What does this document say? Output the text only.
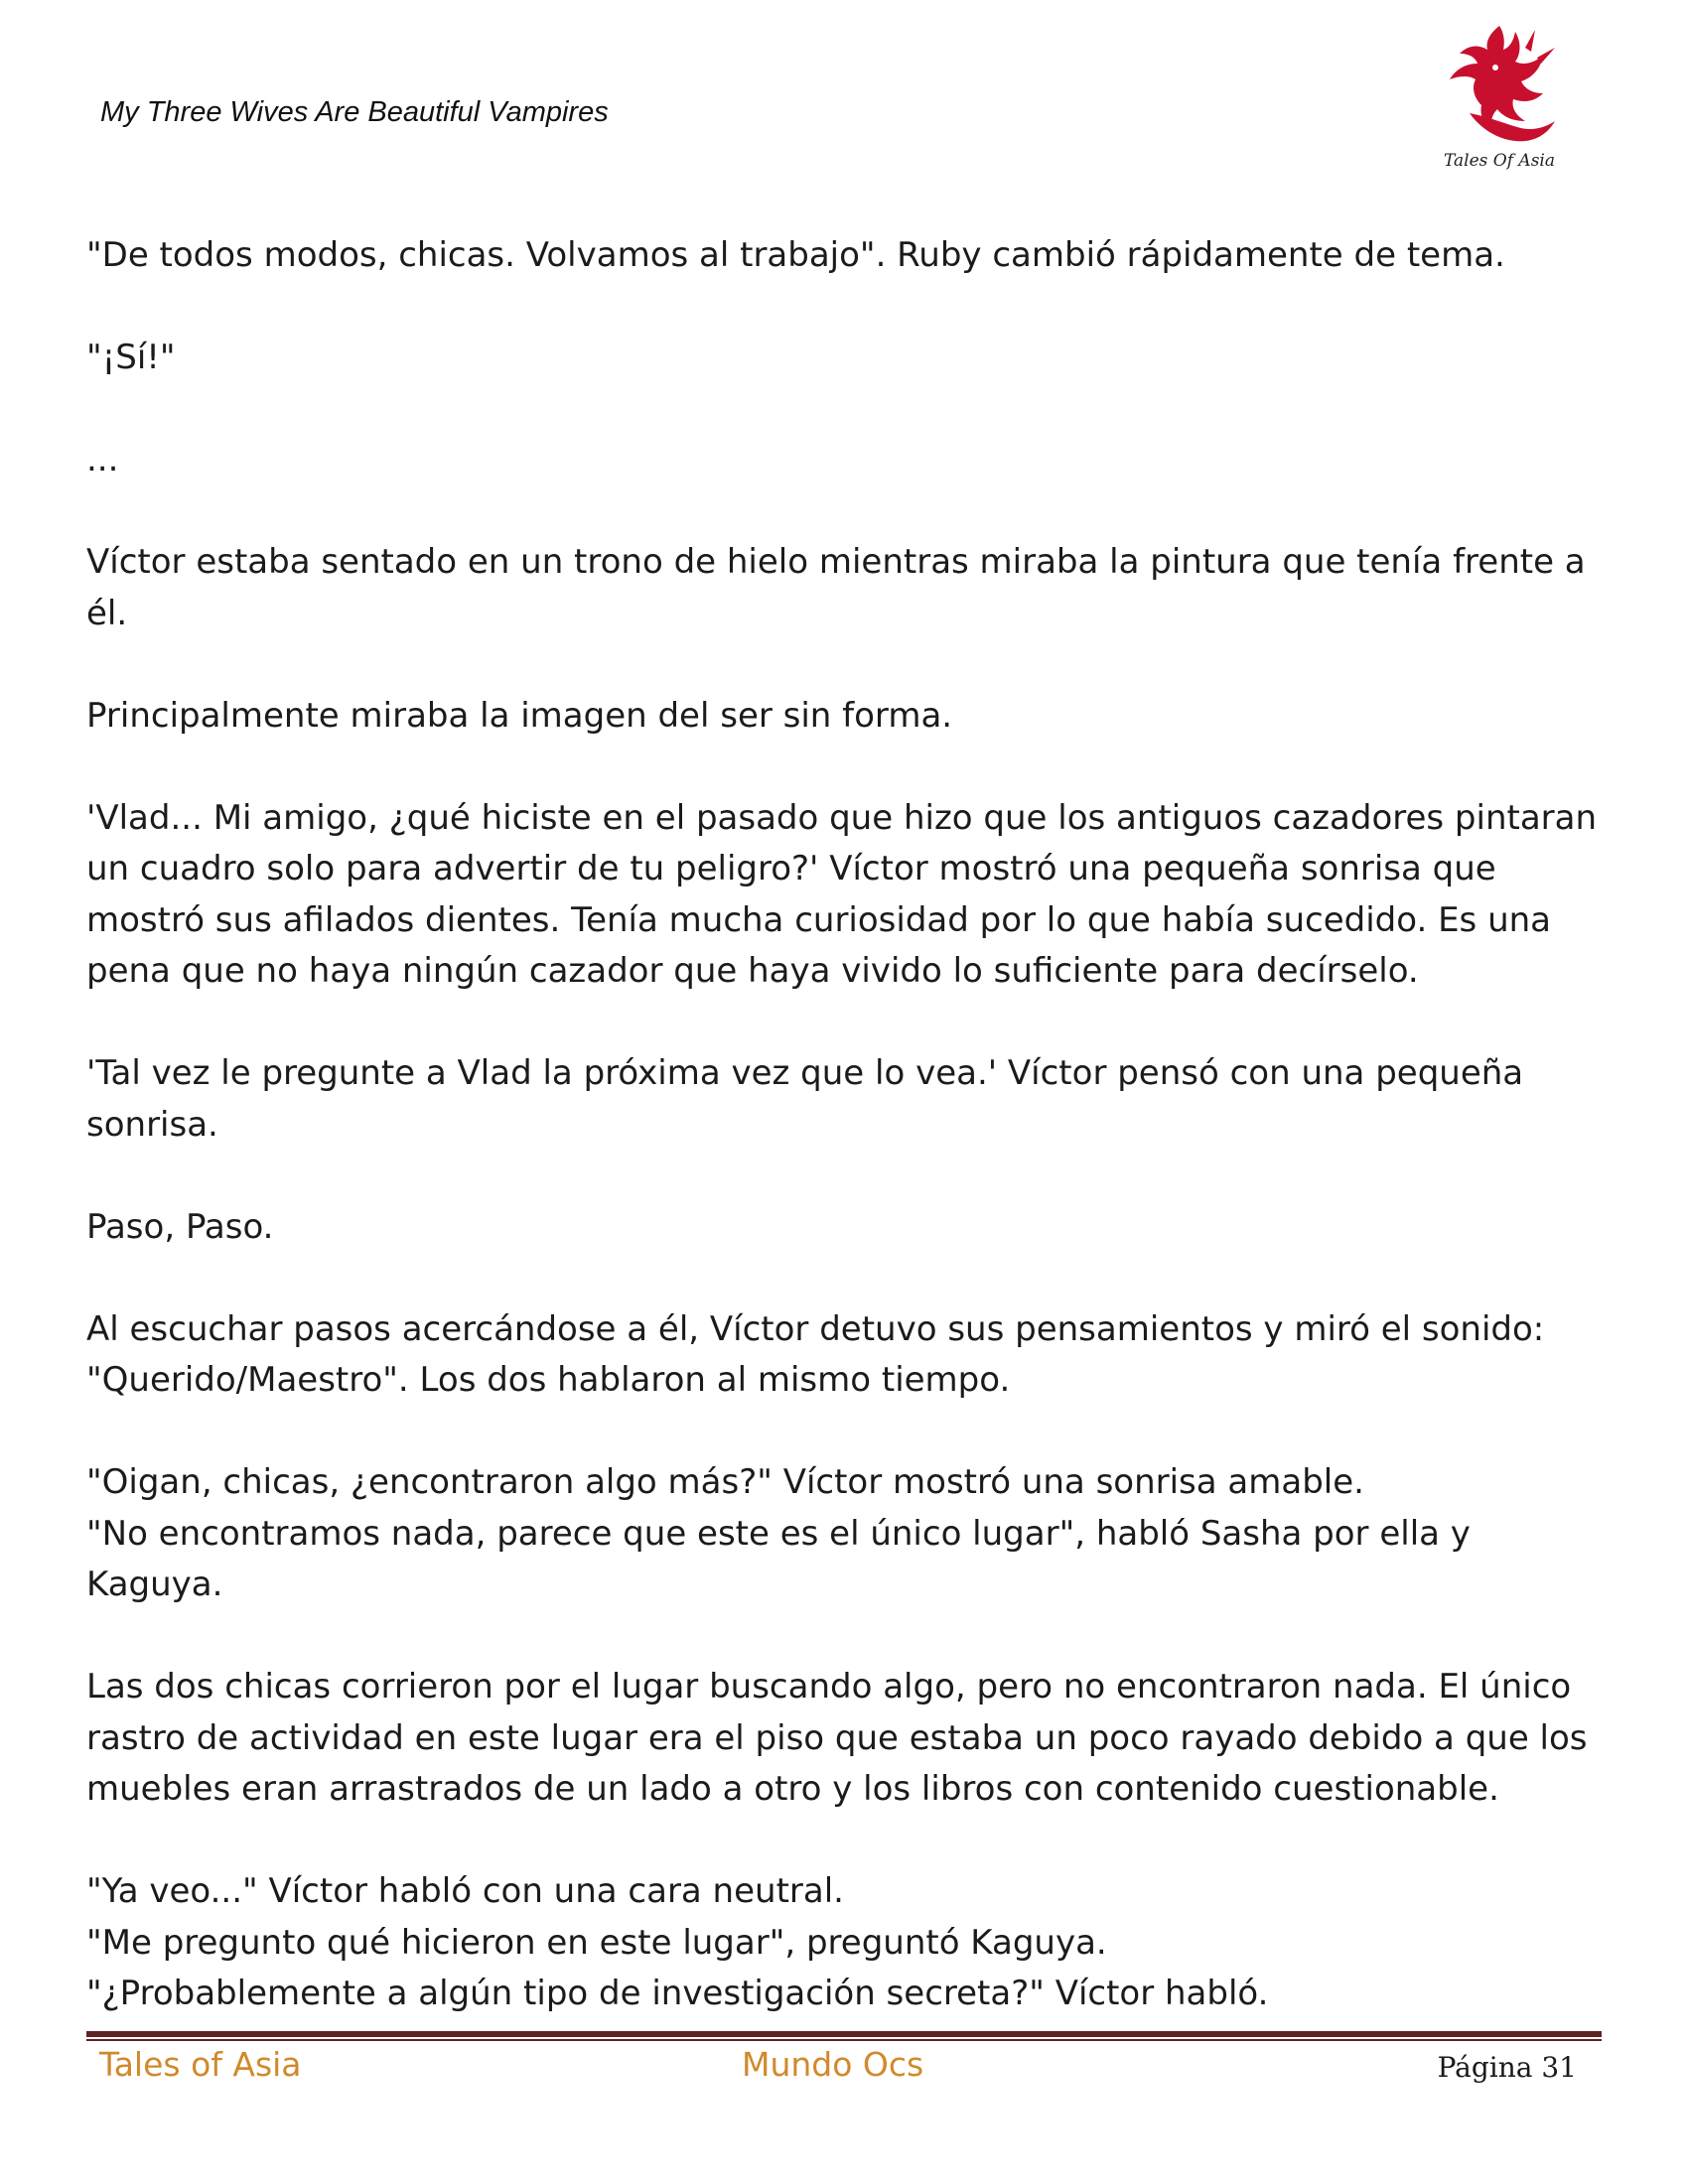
My Three Wives Are Beautiful Vampires
Tales Of Asia

"De todos modos, chicas. Volvamos al trabajo". Ruby cambió rápidamente de tema.

"¡Sí!"

...

Víctor estaba sentado en un trono de hielo mientras miraba la pintura que tenía frente a él.

Principalmente miraba la imagen del ser sin forma.

'Vlad... Mi amigo, ¿qué hiciste en el pasado que hizo que los antiguos cazadores pintaran un cuadro solo para advertir de tu peligro?' Víctor mostró una pequeña sonrisa que mostró sus afilados dientes. Tenía mucha curiosidad por lo que había sucedido. Es una pena que no haya ningún cazador que haya vivido lo suficiente para decírselo.

'Tal vez le pregunte a Vlad la próxima vez que lo vea.' Víctor pensó con una pequeña sonrisa.

Paso, Paso.

Al escuchar pasos acercándose a él, Víctor detuvo sus pensamientos y miró el sonido:
"Querido/Maestro". Los dos hablaron al mismo tiempo.

"Oigan, chicas, ¿encontraron algo más?" Víctor mostró una sonrisa amable.
"No encontramos nada, parece que este es el único lugar", habló Sasha por ella y Kaguya.

Las dos chicas corrieron por el lugar buscando algo, pero no encontraron nada. El único rastro de actividad en este lugar era el piso que estaba un poco rayado debido a que los muebles eran arrastrados de un lado a otro y los libros con contenido cuestionable.

"Ya veo..." Víctor habló con una cara neutral.
"Me pregunto qué hicieron en este lugar", preguntó Kaguya.
"¿Probablemente a algún tipo de investigación secreta?" Víctor habló.

Tales of Asia	Mundo Ocs	Página 31
